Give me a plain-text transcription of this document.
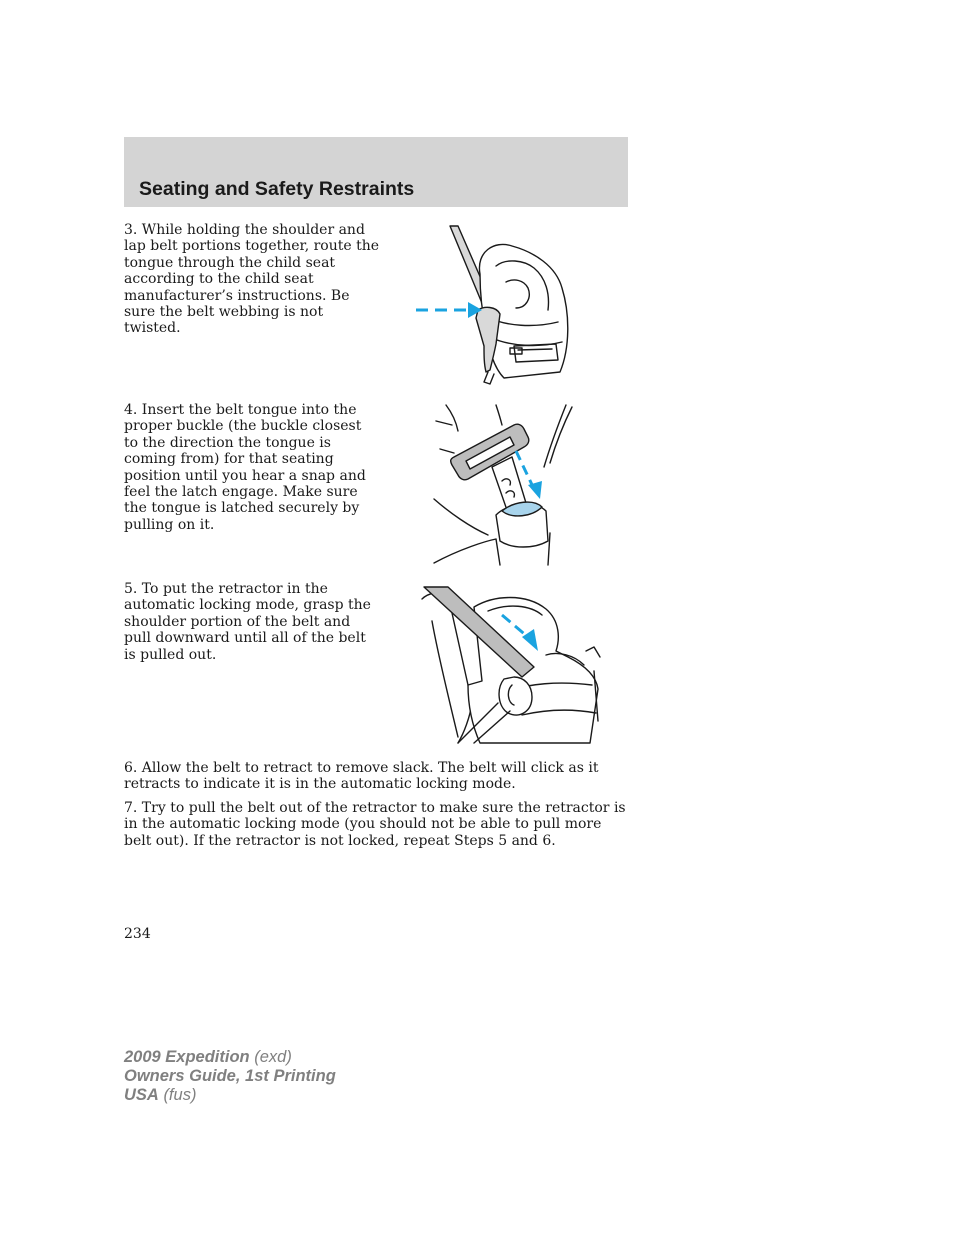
Seating and Safety Restraints

3. While holding the shoulder and lap belt portions together, route the tongue through the child seat according to the child seat manufacturer’s instructions. Be sure the belt webbing is not twisted.

4. Insert the belt tongue into the proper buckle (the buckle closest to the direction the tongue is coming from) for that seating position until you hear a snap and feel the latch engage. Make sure the tongue is latched securely by pulling on it.

5. To put the retractor in the automatic locking mode, grasp the shoulder portion of the belt and pull downward until all of the belt is pulled out.

6. Allow the belt to retract to remove slack. The belt will click as it retracts to indicate it is in the automatic locking mode.

7. Try to pull the belt out of the retractor to make sure the retractor is in the automatic locking mode (you should not be able to pull more belt out). If the retractor is not locked, repeat Steps 5 and 6.

234

2009 Expedition (exd)
Owners Guide, 1st Printing
USA (fus)
